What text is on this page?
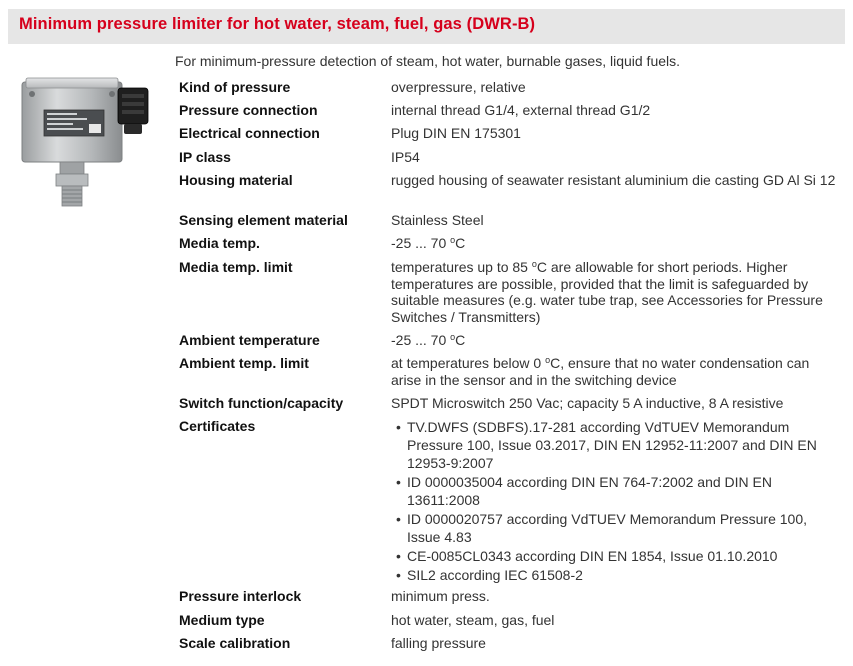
Minimum pressure limiter for hot water, steam, fuel, gas (DWR-B)
For minimum-pressure detection of steam, hot water, burnable gases, liquid fuels.
Kind of pressure	overpressure, relative
Pressure connection	internal thread G1/4, external thread G1/2
Electrical connection	Plug DIN EN 175301
IP class	IP54
Housing material	rugged housing of seawater resistant aluminium die casting GD Al Si 12
Sensing element material	Stainless Steel
Media temp.	-25 ... 70 $^o$C
Media temp. limit	temperatures up to 85 $^o$C are allowable for short periods. Higher temperatures are possible, provided that the limit is safeguarded by suitable measures (e.g. water tube trap, see Accessories for Pressure Switches / Transmitters)
Ambient temperature	-25 ... 70 $^o$C
Ambient temp. limit	at temperatures below 0 $^o$C, ensure that no water condensation can arise in the sensor and in the switching device
Switch function/capacity	SPDT Microswitch 250 Vac; capacity 5 A inductive, 8 A resistive
Certificates	• TV.DWFS (SDBFS).17-281 according VdTUEV Memorandum Pressure 100, Issue 03.2017, DIN EN 12952-11:2007 and DIN EN 12953-9:2007
• ID 0000035004 according DIN EN 764-7:2002 and DIN EN 13611:2008
• ID 0000020757 according VdTUEV Memorandum Pressure 100, Issue 4.83
• CE-0085CL0343 according DIN EN 1854, Issue 01.10.2010
• SIL2 according IEC 61508-2
Pressure interlock	minimum press.
Medium type	hot water, steam, gas, fuel
Scale calibration	falling pressure
